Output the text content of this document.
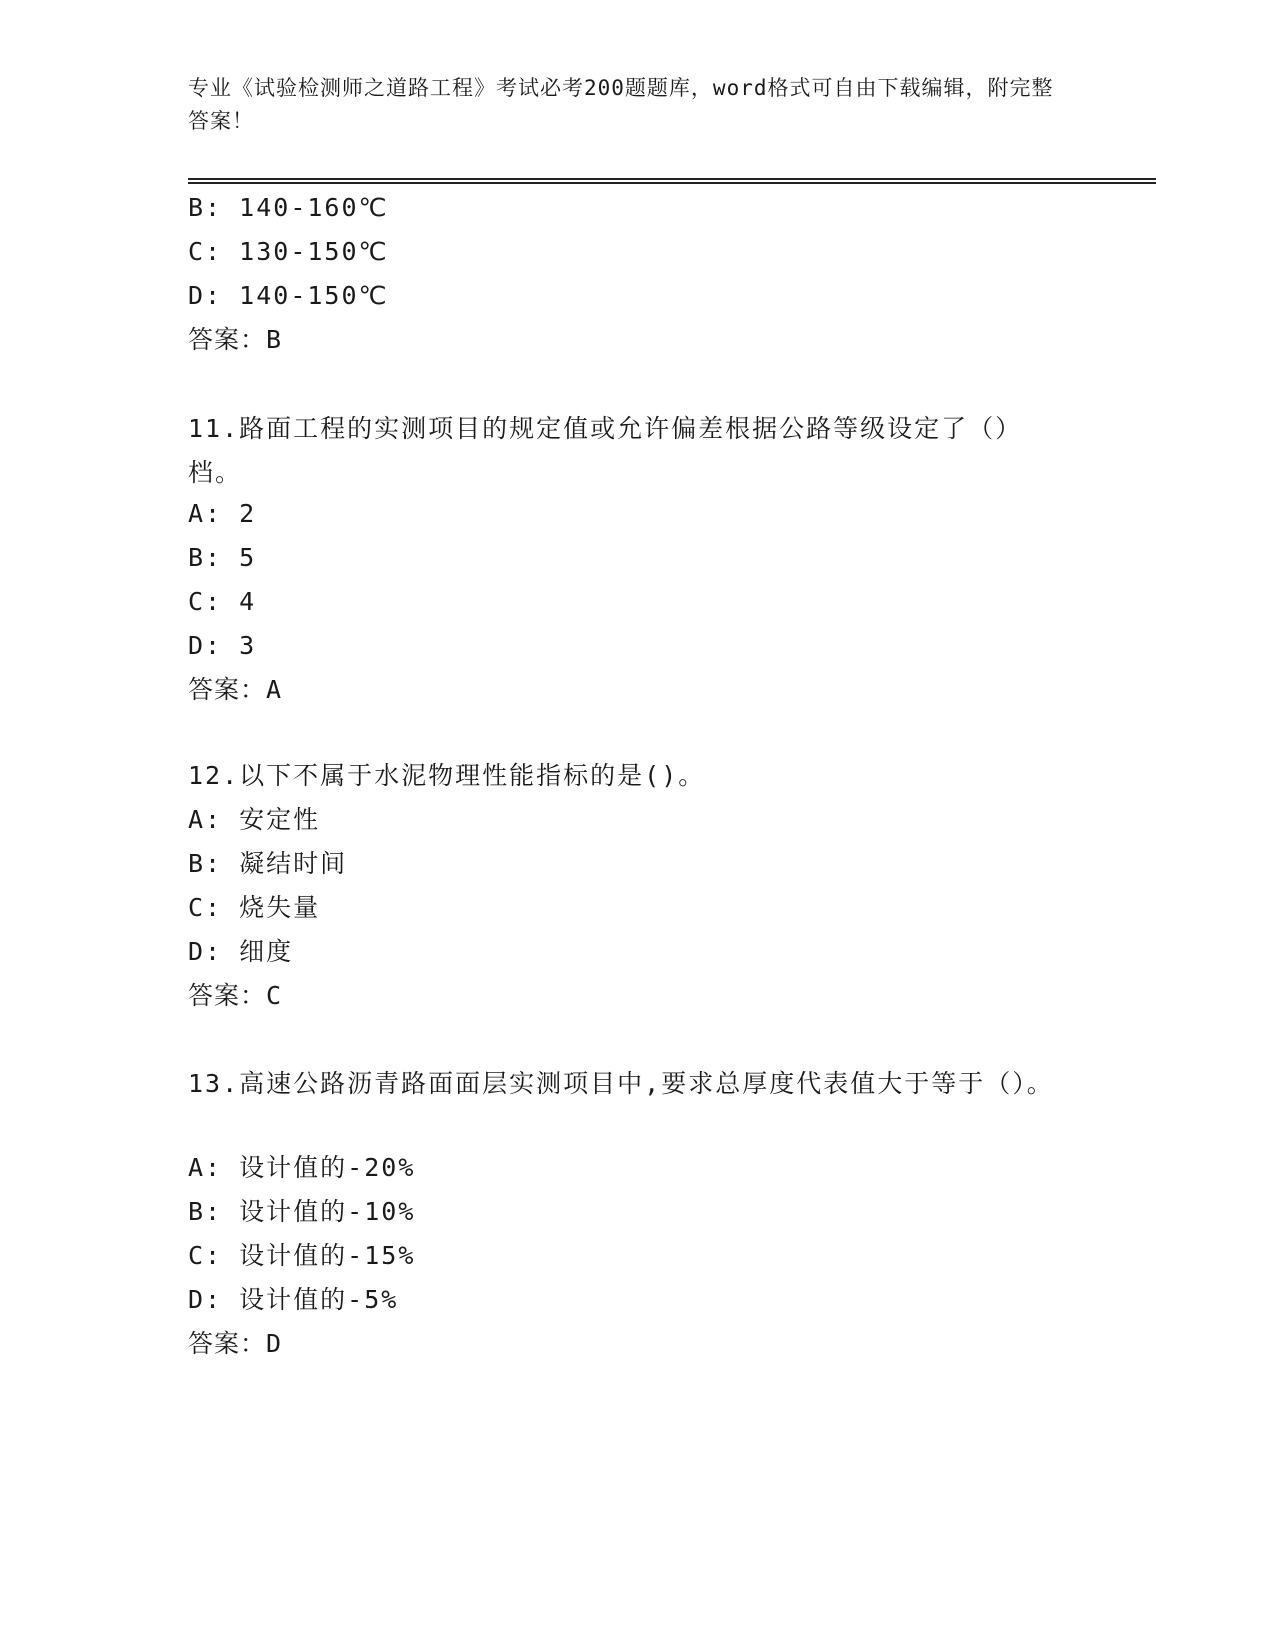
专业《试验检测师之道路工程》考试必考200题题库，word格式可自由下载编辑，附完整答案！
B: 140-160℃
C: 130-150℃
D: 140-150℃
答案：B
11.路面工程的实测项目的规定值或允许偏差根据公路等级设定了（）档。
A: 2
B: 5
C: 4
D: 3
答案：A
12.以下不属于水泥物理性能指标的是()。
A: 安定性
B: 凝结时间
C: 烧失量
D: 细度
答案：C
13.高速公路沥青路面面层实测项目中,要求总厚度代表值大于等于（）。
A: 设计值的-20%
B: 设计值的-10%
C: 设计值的-15%
D: 设计值的-5%
答案：D
